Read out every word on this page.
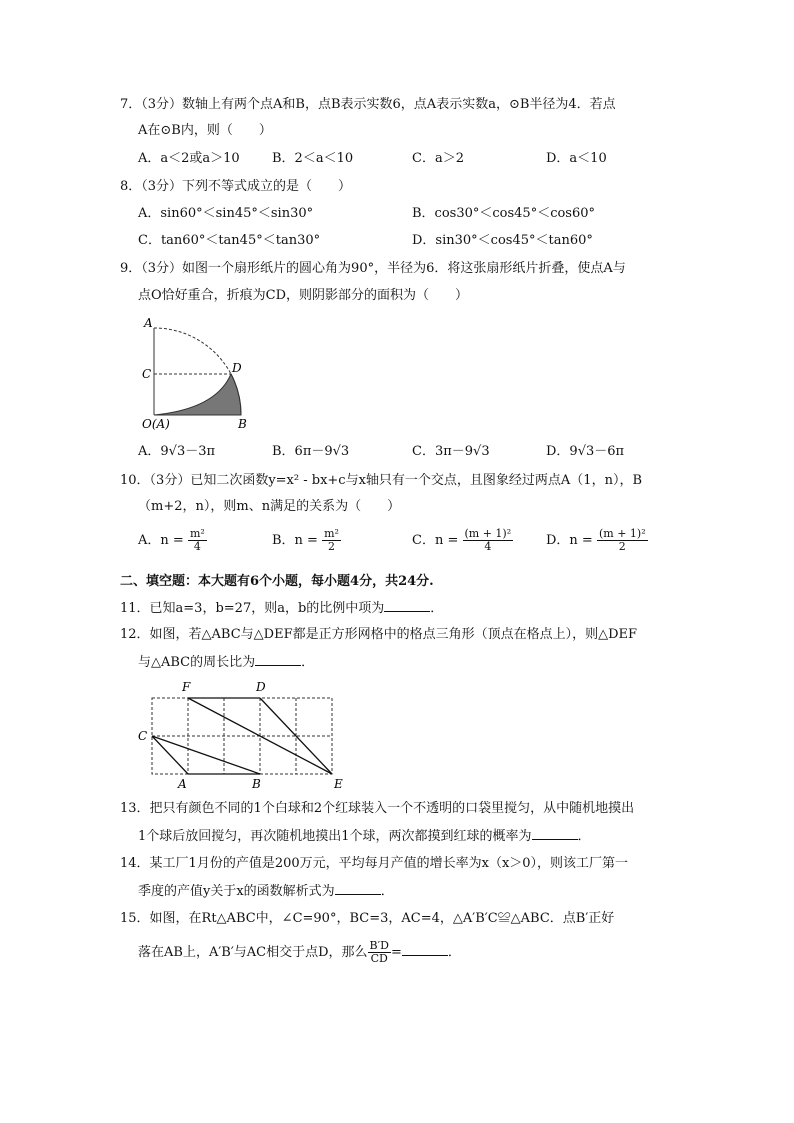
7．（3分）数轴上有两个点A和B，点B表示实数6，点A表示实数a，⊙B半径为4．若点
A在⊙B内，则（　　）
A．a＜2或a＞10 B．2＜a＜10	C．a＞2	D．a＜10
8．（3分）下列不等式成立的是（　　）
A．sin60°＜sin45°＜sin30°	B．cos30°＜cos45°＜cos60°
C．tan60°＜tan45°＜tan30°	D．sin30°＜cos45°＜tan60°
9．（3分）如图一个扇形纸片的圆心角为90°，半径为6．将这张扇形纸片折叠，使点A与
点O恰好重合，折痕为CD，则阴影部分的面积为（　　）
A
C	D
O(A)	B
A．9√3－3π	B．6π－9√3	C．3π－9√3	D．9√3－6π
10．（3分）已知二次函数y=x² - bx+c与x轴只有一个交点，且图象经过两点A（1，n），B
（m+2，n），则m、n满足的关系为（　　）
A．$n = \frac{\text{m²}}{4}$	B．$n = \frac{\text{m²}}{2}$	C．$n = \frac{\text{(m + 1)²}}{4}$	D．$n = \frac{\text{(m + 1)²}}{2}$
二、填空题：本大题有6个小题，每小题4分，共24分.
11．已知a=3，b=27，则a，b的比例中项为	．
12．如图，若△ABC与△DEF都是正方形网格中的格点三角形（顶点在格点上），则△DEF
与△ABC的周长比为	．
F	D
C
A	B	E
13．把只有颜色不同的1个白球和2个红球装入一个不透明的口袋里搅匀，从中随机地摸出
1个球后放回搅匀，再次随机地摸出1个球，两次都摸到红球的概率为	．
14．某工厂1月份的产值是200万元，平均每月产值的增长率为x（x＞0），则该工厂第一
季度的产值y关于x的函数解析式为	．
15．如图，在Rt△ABC中，∠C=90°，BC=3，AC=4，△A′B′C≌△ABC．点B′正好
落在AB上，A′B′与AC相交于点D，那么 $\frac{B'D}{CD}$ =	．
